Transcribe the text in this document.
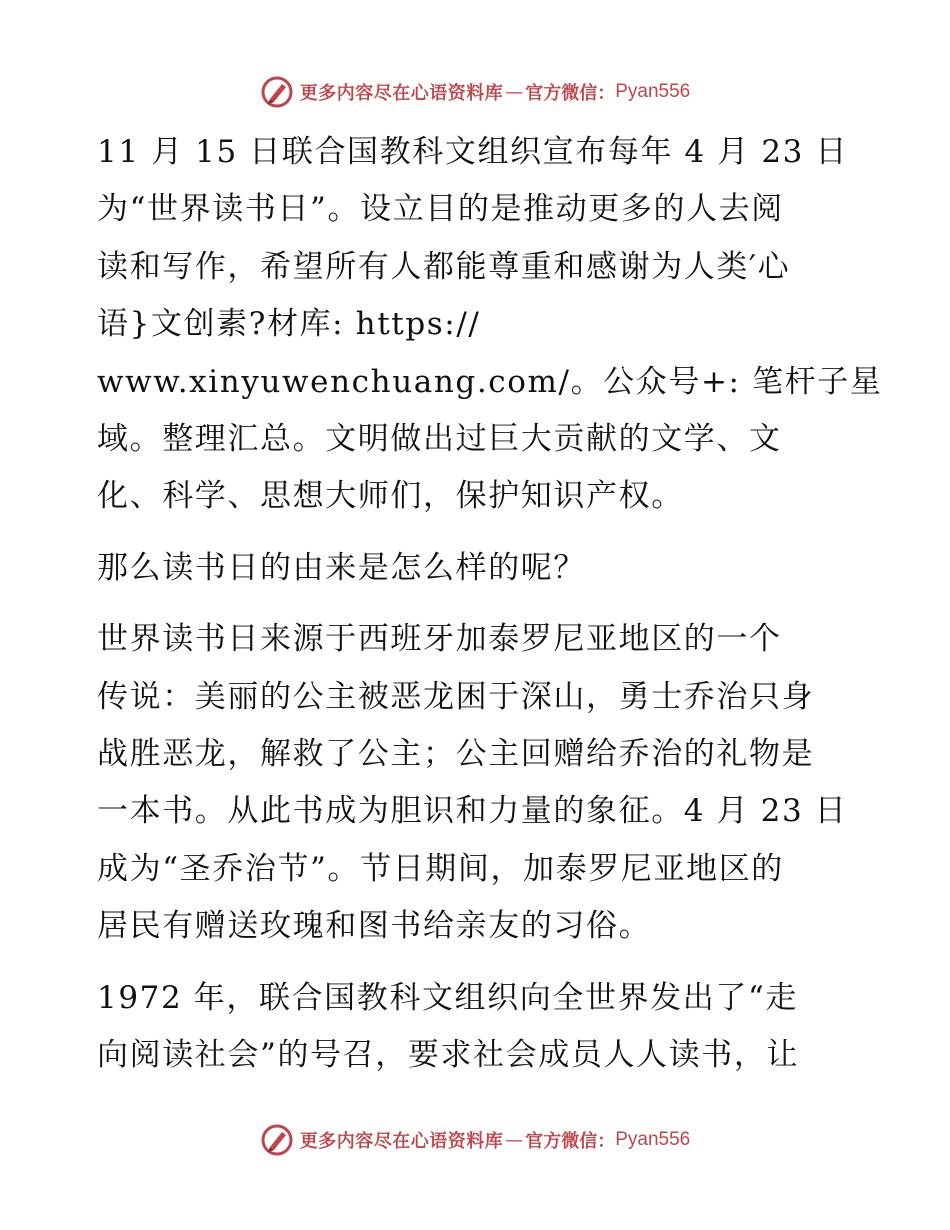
更多内容尽在心语资料库 — 官方微信： Pyan556

11 月 15 日联合国教科文组织宣布每年 4 月 23 日
为“世界读书日”。设立目的是推动更多的人去阅
读和写作，希望所有人都能尊重和感谢为人类′心
语}文创素?材库: https://
www.xinyuwenchuang.com/。公众号+: 笔杆子星
域。整理汇总。文明做出过巨大贡献的文学、文
化、科学、思想大师们，保护知识产权。

那么读书日的由来是怎么样的呢？

世界读书日来源于西班牙加泰罗尼亚地区的一个
传说：美丽的公主被恶龙困于深山，勇士乔治只身
战胜恶龙，解救了公主；公主回赠给乔治的礼物是
一本书。从此书成为胆识和力量的象征。4 月 23 日
成为“圣乔治节”。节日期间，加泰罗尼亚地区的
居民有赠送玫瑰和图书给亲友的习俗。

1972 年，联合国教科文组织向全世界发出了“走
向阅读社会”的号召，要求社会成员人人读书，让

更多内容尽在心语资料库 — 官方微信： Pyan556
